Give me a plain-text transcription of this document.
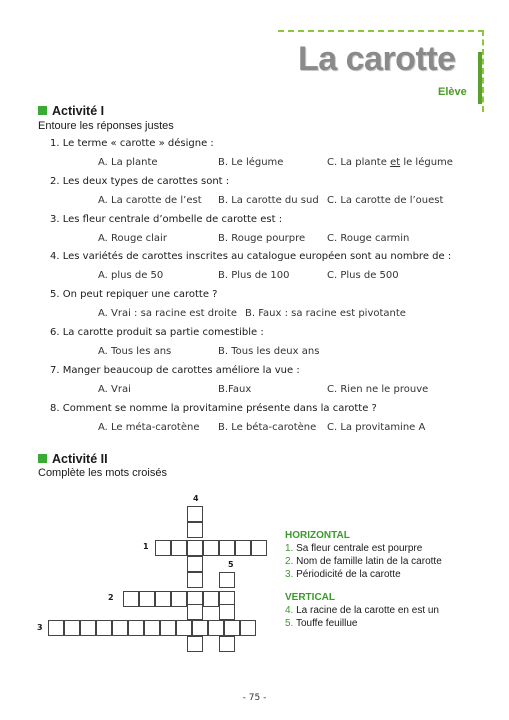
La carotte
Elève
Activité I
Entoure les réponses justes
1. Le terme « carotte » désigne :
A. La plante	B. Le légume	C. La plante et le légume
2. Les deux types de carottes sont :
A. La carotte de l’est B. La carotte du sud C. La carotte de l’ouest
3. Les fleur centrale d’ombelle de carotte est :
A. Rouge clair	B. Rouge pourpre C. Rouge carmin
4. Les variétés de carottes inscrites au catalogue européen sont au nombre de :
A. plus de 50	B. Plus de 100	C. Plus de 500
5. On peut repiquer une carotte ?
A. Vrai : sa racine est droite B. Faux : sa racine est pivotante
6. La carotte produit sa partie comestible :
A. Tous les ans	B. Tous les deux ans
7. Manger beaucoup de carottes améliore la vue :
A. Vrai	B.Faux	C. Rien ne le prouve
8. Comment se nomme la provitamine présente dans la carotte ?
A. Le méta-carotène B. Le béta-carotène C. La provitamine A
Activité II
Complète les mots croisés
1
2
3
4
5
HORIZONTAL
1. Sa fleur centrale est pourpre
2. Nom de famille latin de la carotte
3. Périodicité de la carotte
VERTICAL
4. La racine de la carotte en est un
5. Touffe feuillue
- 75 -
